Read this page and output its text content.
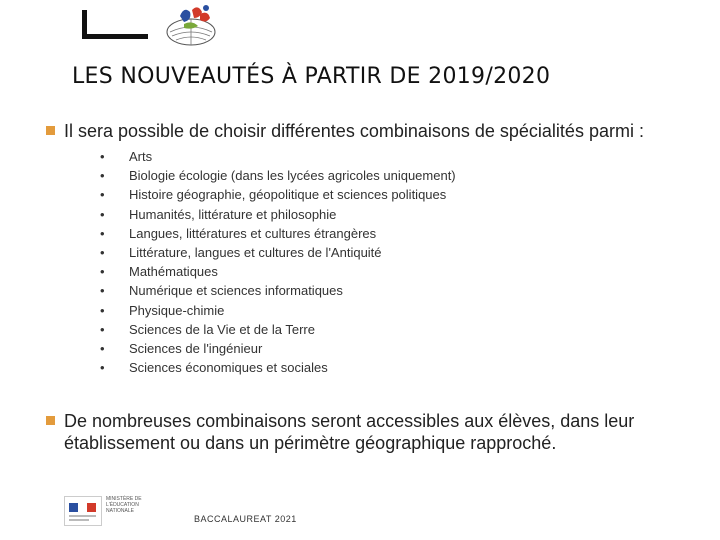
LES NOUVEAUTÉS À PARTIR DE 2019/2020
Il sera possible de choisir différentes combinaisons de spécialités parmi :
•	Arts
•	Biologie écologie (dans les lycées agricoles uniquement)
•	Histoire géographie, géopolitique et sciences politiques
•	Humanités, littérature et philosophie
•	Langues, littératures et cultures étrangères
•	Littérature, langues et cultures de l'Antiquité
•	Mathématiques
•	Numérique et sciences informatiques
•	Physique-chimie
•	Sciences de la Vie et de la Terre
•	Sciences de l'ingénieur
•	Sciences économiques et sociales
De nombreuses combinaisons seront accessibles aux élèves, dans leur établissement ou dans un périmètre géographique rapproché.
MINISTÈRE DE L'ÉDUCATION NATIONALE
BACCALAUREAT 2021
